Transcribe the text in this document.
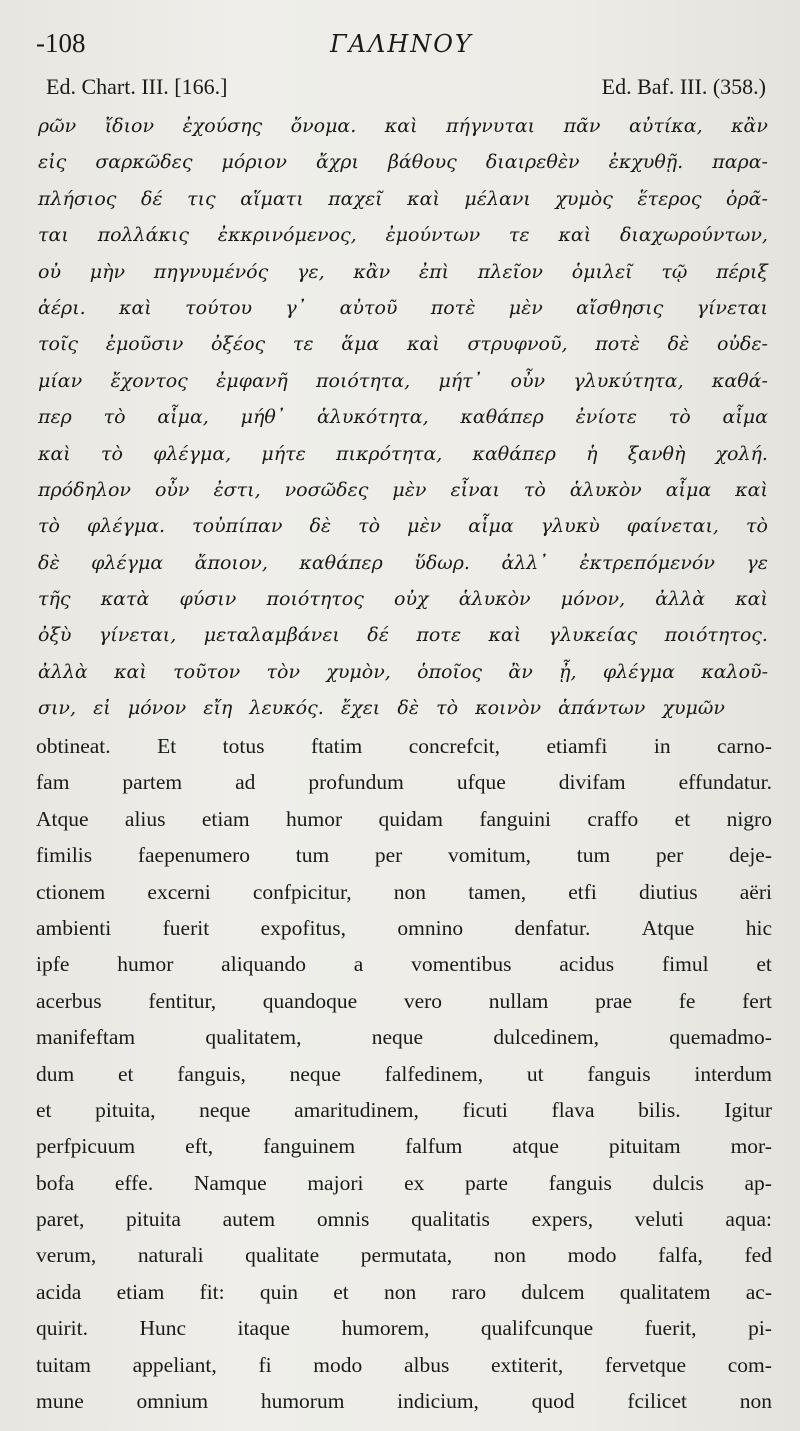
-108	ΓΑΛΗΝΟΥ
Ed. Chart. III. [166.]	Ed. Baf. III. (358.)
ρῶν ἴδιον ἐχούσης ὄνομα. καὶ πήγνυται πᾶν αὐτίκα, κἂν
εἰς σαρκῶδες μόριον ἄχρι βάθους διαιρεθὲν ἐκχυθῇ. παρα-
πλήσιος δέ τις αἵματι παχεῖ καὶ μέλανι χυμὸς ἕτερος ὁρᾶ-
ται πολλάκις ἐκκρινόμενος, ἐμούντων τε καὶ διαχωρούντων,
οὐ μὴν πηγνυμένός γε, κἂν ἐπὶ πλεῖον ὁμιλεῖ τῷ πέριξ
ἀέρι. καὶ τούτου γ᾽ αὐτοῦ ποτὲ μὲν αἴσθησις γίνεται
τοῖς ἐμοῦσιν ὀξέος τε ἅμα καὶ στρυφνοῦ, ποτὲ δὲ οὐδε-
μίαν ἔχοντος ἐμφανῆ ποιότητα, μήτ᾽ οὖν γλυκύτητα, καθά-
περ τὸ αἷμα, μήθ᾽ ἁλυκότητα, καθάπερ ἐνίοτε τὸ αἷμα
καὶ τὸ φλέγμα, μήτε πικρότητα, καθάπερ ἡ ξανθὴ χολή.
πρόδηλον οὖν ἐστι, νοσῶδες μὲν εἶναι τὸ ἁλυκὸν αἷμα καὶ
τὸ φλέγμα. τοὐπίπαν δὲ τὸ μὲν αἷμα γλυκὺ φαίνεται, τὸ
δὲ φλέγμα ἄποιον, καθάπερ ὕδωρ. ἀλλ᾽ ἐκτρεπόμενόν γε
τῆς κατὰ φύσιν ποιότητος οὐχ ἁλυκὸν μόνον, ἀλλὰ καὶ
ὀξὺ γίνεται, μεταλαμβάνει δέ ποτε καὶ γλυκείας ποιότητος.
ἀλλὰ καὶ τοῦτον τὸν χυμὸν, ὁποῖος ἂν ᾖ, φλέγμα καλοῦ-
σιν, εἰ μόνον εἴη λευκός. ἔχει δὲ τὸ κοινὸν ἁπάντων χυμῶν
obtineat. Et totus ftatim concrefcit, etiamfi in carno-
fam partem ad profundum ufque divifam effundatur.
Atque alius etiam humor quidam fanguini craffo et nigro
fimilis faepenumero tum per vomitum, tum per deje-
ctionem excerni confpicitur, non tamen, etfi diutius aëri
ambienti fuerit expofitus, omnino denfatur. Atque hic
ipfe humor aliquando a vomentibus acidus fimul et
acerbus fentitur, quandoque vero nullam prae fe fert
manifeftam	qualitatem,	neque	dulcedinem,	quemadmo-
dum et fanguis, neque falfedinem, ut fanguis interdum
et pituita, neque amaritudinem, ficuti flava bilis. Igitur
perfpicuum eft, fanguinem falfum atque pituitam mor-
bofa effe. Namque majori ex parte fanguis dulcis ap-
paret, pituita autem omnis qualitatis expers, veluti aqua:
verum, naturali qualitate permutata, non modo falfa, fed
acida etiam fit: quin et non raro dulcem qualitatem ac-
quirit. Hunc itaque humorem, qualifcunque fuerit, pi-
tuitam appeliant, fi modo albus extiterit, fervetque com-
mune omnium humorum indicium, quod fcilicet non
